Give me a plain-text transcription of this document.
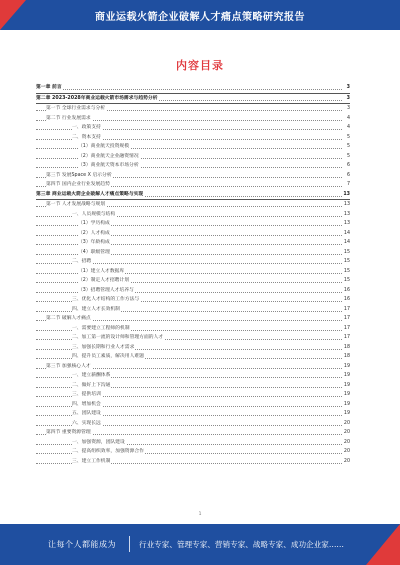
商业运载火箭企业破解人才痛点策略研究报告
内容目录
第一章 前言	3
第二章 2023-2028年商业运载火箭市场需求与趋势分析	3
第一节 全球行业需求与分析	3
第二节 行业发展需求	4
一、政策支持	4
二、资本支持	5
（1）商业航天投资规模	5
（2）商业航天企业融资情况	5
（3）商业航天资本市场分析	6
第三节 发展Space X 启示分析	6
第四节 国内企业行业发展趋势	7
第三章 商业运载火箭企业破解人才痛点策略与实现	13
第一节 人才发展战略与规划	13
一、人员规模与结构	13
（1）学历构成	13
（2）人才构成	14
（3）年龄构成	14
（4）职级管理	15
二、招聘	15
（1）建立人才数据库	15
（2）制定人才招聘计划	15
（3）招聘管理人才培养与	16
三、优化人才结构的工作方法与	16
四、建立人才长效机制	17
第二节 破解人才痛点	17
一、需要建立工程师的机制	17
二、加工第一流的设计师和管理方面的人才	17
三、加强长期和行业人才需求	18
四、提升员工素质，解决用人难题	18
第三节 加强核心人才	19
一、建立薪酬体系	19
二、做好上下沟通	19
三、提供培训	19
四、增加机会	19
五、团队建设	19
六、实现长远	20
第四节 重要资源管理	20
一、加强资源，团队建设	20
二、提高组织效率，加强资源合作	20
三、建立工作机制	20
1
让每个人都能成为	行业专家、管理专家、营销专家、战略专家、成功企业家……
